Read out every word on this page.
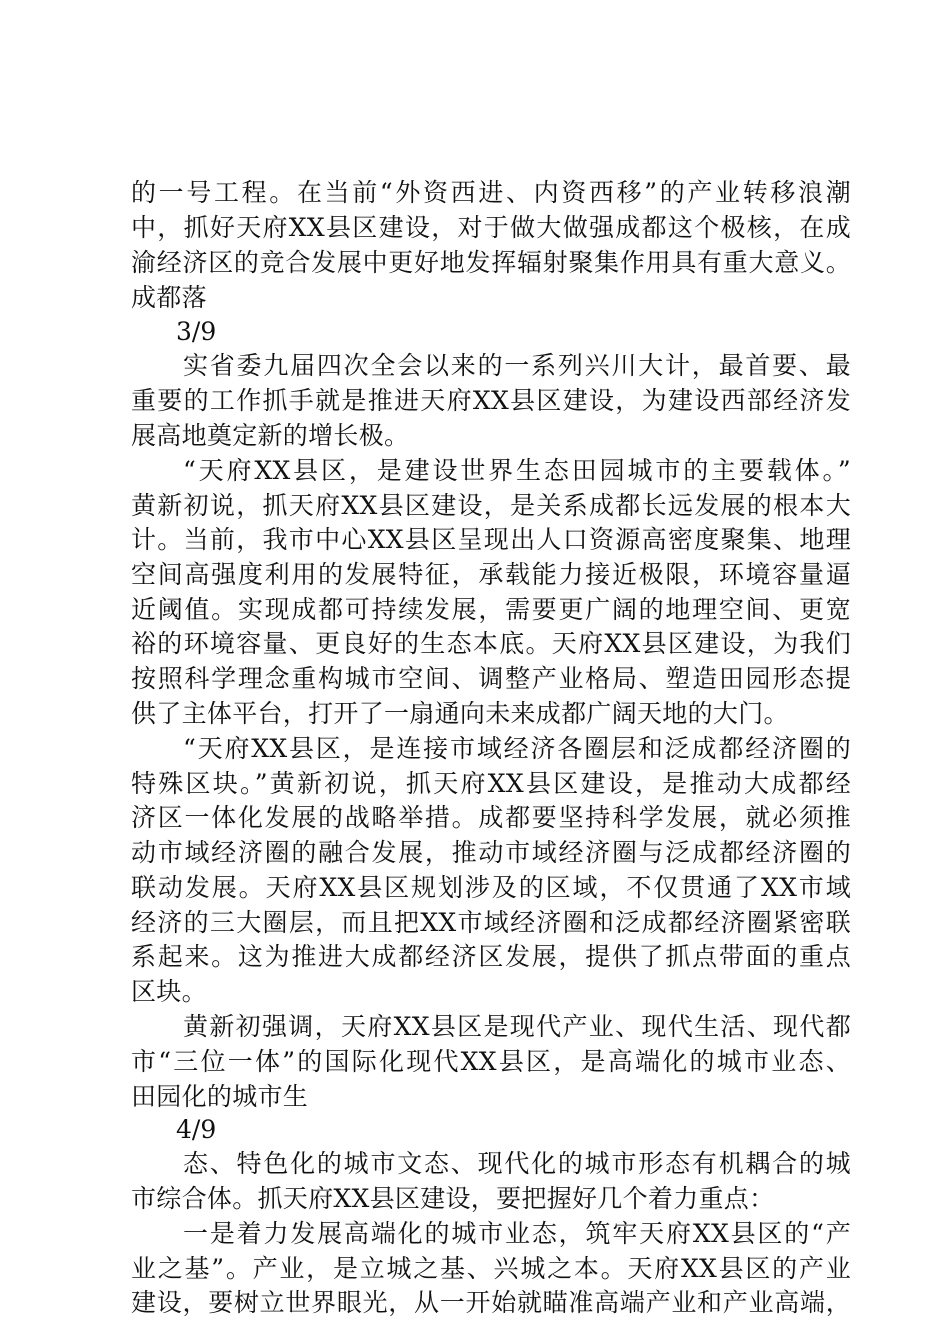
的一号工程。在当前“外资西进、内资西移”的产业转移浪潮
中，抓好天府XX县区建设，对于做大做强成都这个极核，在成
渝经济区的竞合发展中更好地发挥辐射聚集作用具有重大意义。
成都落
3/9
实省委九届四次全会以来的一系列兴川大计，最首要、最
重要的工作抓手就是推进天府XX县区建设，为建设西部经济发
展高地奠定新的增长极。
“天府XX县区，是建设世界生态田园城市的主要载体。”
黄新初说，抓天府XX县区建设，是关系成都长远发展的根本大
计。当前，我市中心XX县区呈现出人口资源高密度聚集、地理
空间高强度利用的发展特征，承载能力接近极限，环境容量逼
近阈值。实现成都可持续发展，需要更广阔的地理空间、更宽
裕的环境容量、更良好的生态本底。天府XX县区建设，为我们
按照科学理念重构城市空间、调整产业格局、塑造田园形态提
供了主体平台，打开了一扇通向未来成都广阔天地的大门。
“天府XX县区，是连接市域经济各圈层和泛成都经济圈的
特殊区块。”黄新初说，抓天府XX县区建设，是推动大成都经
济区一体化发展的战略举措。成都要坚持科学发展，就必须推
动市域经济圈的融合发展，推动市域经济圈与泛成都经济圈的
联动发展。天府XX县区规划涉及的区域，不仅贯通了XX市域
经济的三大圈层，而且把XX市域经济圈和泛成都经济圈紧密联
系起来。这为推进大成都经济区发展，提供了抓点带面的重点
区块。
黄新初强调，天府XX县区是现代产业、现代生活、现代都
市“三位一体”的国际化现代XX县区，是高端化的城市业态、
田园化的城市生
4/9
态、特色化的城市文态、现代化的城市形态有机耦合的城
市综合体。抓天府XX县区建设，要把握好几个着力重点：
一是着力发展高端化的城市业态，筑牢天府XX县区的“产
业之基”。产业，是立城之基、兴城之本。天府XX县区的产业
建设，要树立世界眼光，从一开始就瞄准高端产业和产业高端，
